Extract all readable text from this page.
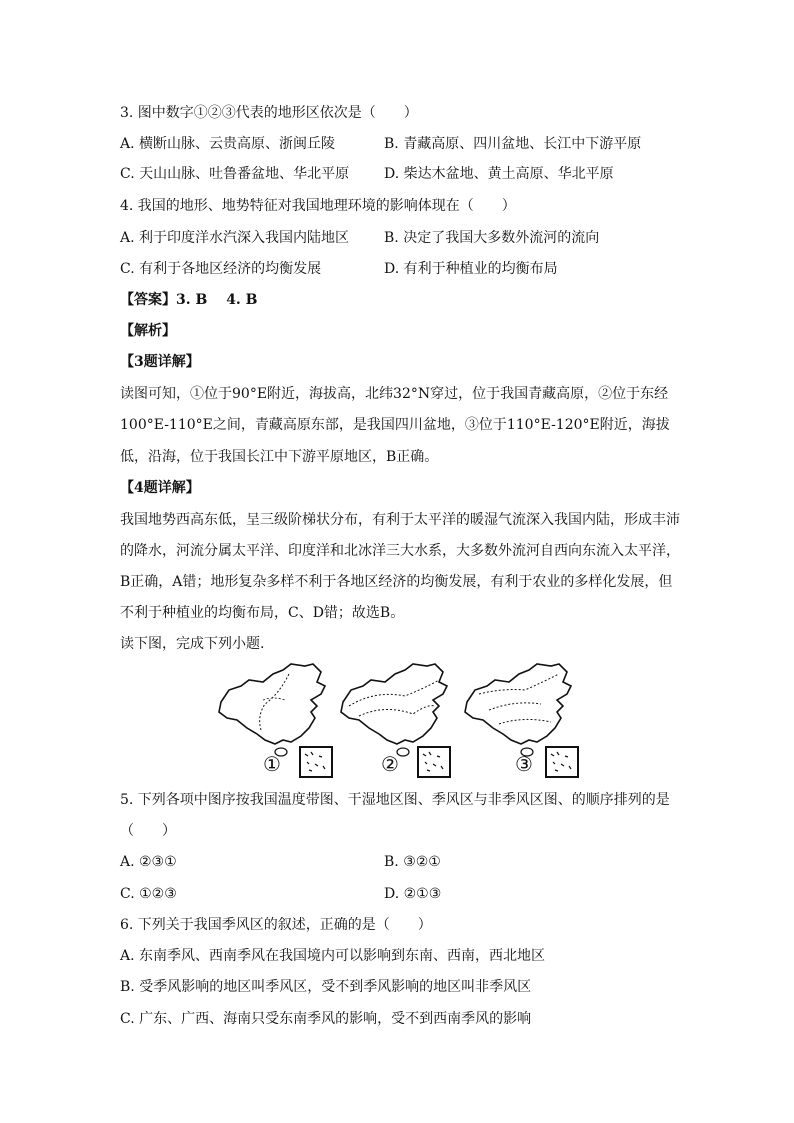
3. 图中数字①②③代表的地形区依次是（　　）
A. 横断山脉、云贵高原、浙闽丘陵	B. 青藏高原、四川盆地、长江中下游平原
C. 天山山脉、吐鲁番盆地、华北平原 D. 柴达木盆地、黄土高原、华北平原
4. 我国的地形、地势特征对我国地理环境的影响体现在（　　）
A. 利于印度洋水汽深入我国内陆地区 B. 决定了我国大多数外流河的流向
C. 有利于各地区经济的均衡发展	D. 有利于种植业的均衡布局
【答案】3. B　 4. B
【解析】
【3题详解】
读图可知，①位于90°E附近，海拔高，北纬32°N穿过，位于我国青藏高原，②位于东经
100°E-110°E之间，青藏高原东部，是我国四川盆地，③位于110°E-120°E附近，海拔
低，沿海，位于我国长江中下游平原地区，B正确。
【4题详解】
我国地势西高东低，呈三级阶梯状分布，有利于太平洋的暖湿气流深入我国内陆，形成丰沛
的降水，河流分属太平洋、印度洋和北冰洋三大水系，大多数外流河自西向东流入太平洋，
B正确，A错；地形复杂多样不利于各地区经济的均衡发展，有利于农业的多样化发展，但
不利于种植业的均衡布局，C、D错；故选B。
读下图，完成下列小题.
①	②	③
5. 下列各项中图序按我国温度带图、干湿地区图、季风区与非季风区图、的顺序排列的是
（　　）
A. ②③①	B. ③②①
C. ①②③	D. ②①③
6. 下列关于我国季风区的叙述，正确的是（　　）
A. 东南季风、西南季风在我国境内可以影响到东南、西南，西北地区
B. 受季风影响的地区叫季风区，受不到季风影响的地区叫非季风区
C. 广东、广西、海南只受东南季风的影响，受不到西南季风的影响
